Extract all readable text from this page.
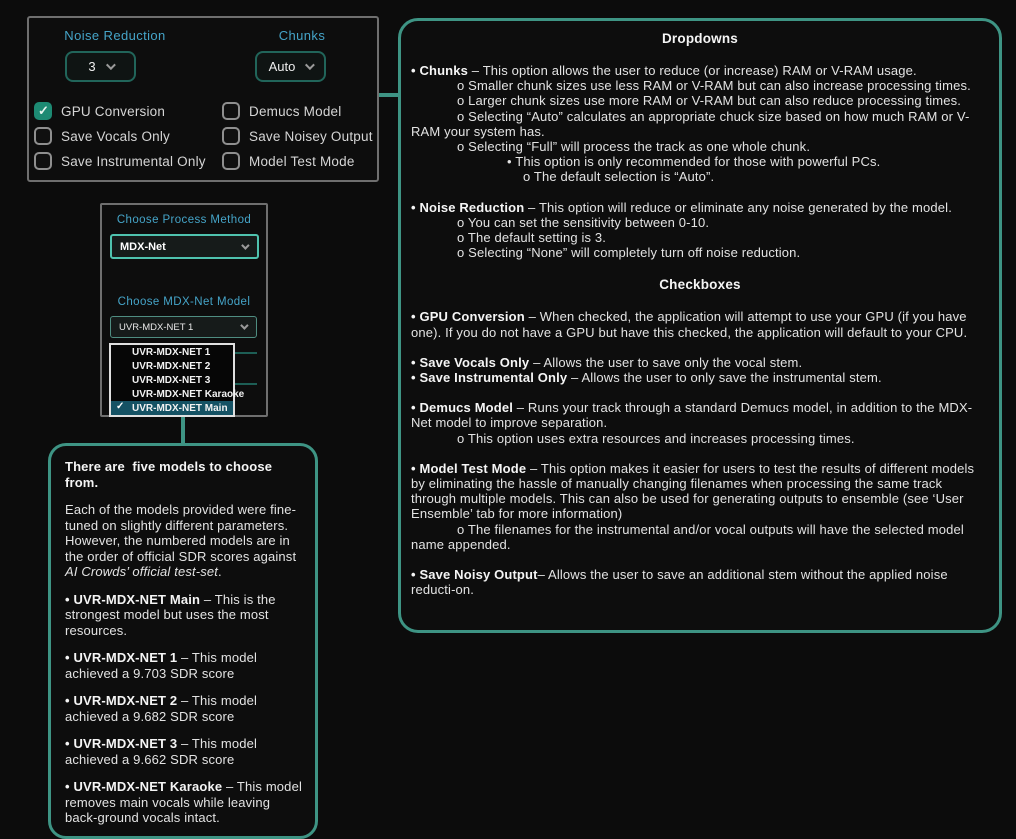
Noise Reduction	Chunks
3	Auto
✓
GPU Conversion
Save Vocals Only
Save Instrumental Only
Demucs Model
Save Noisey Output
Model Test Mode
Choose Process Method
MDX-Net
Choose MDX-Net Model
UVR-MDX-NET 1
UVR-MDX-NET 1
UVR-MDX-NET 2
UVR-MDX-NET 3
UVR-MDX-NET Karaoke
✓ UVR-MDX-NET Main
Dropdowns
• Chunks – This option allows the user to reduce (or increase) RAM or V-RAM usage.
o Smaller chunk sizes use less RAM or V-RAM but can also increase processing times.
o Larger chunk sizes use more RAM or V-RAM but can also reduce processing times.
o Selecting “Auto” calculates an appropriate chuck size based on how much RAM or V-RAM your system has.
o Selecting “Full” will process the track as one whole chunk.
• This option is only recommended for those with powerful PCs.
o The default selection is “Auto”.
• Noise Reduction – This option will reduce or eliminate any noise generated by the model.
o You can set the sensitivity between 0-10.
o The default setting is 3.
o Selecting “None” will completely turn off noise reduction.
Checkboxes
• GPU Conversion – When checked, the application will attempt to use your GPU (if you have one). If you do not have a GPU but have this checked, the application will default to your CPU.
• Save Vocals Only – Allows the user to save only the vocal stem.
• Save Instrumental Only – Allows the user to only save the instrumental stem.
• Demucs Model – Runs your track through a standard Demucs model, in addition to the MDX-Net model to improve separation.
o This option uses extra resources and increases processing times.
• Model Test Mode – This option makes it easier for users to test the results of different models by eliminating the hassle of manually changing filenames when processing the same track through multiple models. This can also be used for generating outputs to ensemble (see ‘User Ensemble’ tab for more information)
o The filenames for the instrumental and/or vocal outputs will have the selected model name appended.
• Save Noisy Output– Allows the user to save an additional stem without the applied noise reducti-on.
There are  five models to choose from.
Each of the models provided were fine-tuned on slightly different parameters. However, the numbered models are in the order of official SDR scores against AI Crowds’ official test-set.
• UVR-MDX-NET Main – This is the strongest model but uses the most resources.
• UVR-MDX-NET 1 – This model achieved a 9.703 SDR score
• UVR-MDX-NET 2 – This model achieved a 9.682 SDR score
• UVR-MDX-NET 3 – This model achieved a 9.662 SDR score
• UVR-MDX-NET Karaoke – This model removes main vocals while leaving back-ground vocals intact.
